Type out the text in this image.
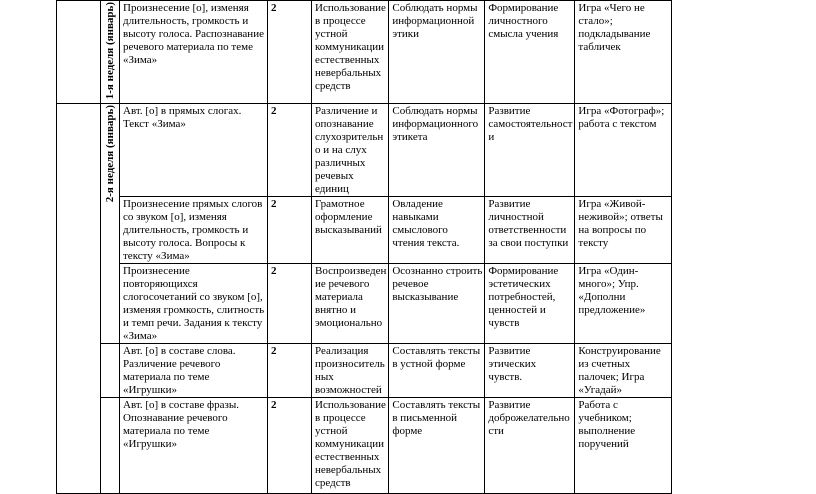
	1-я неделя (январь)	Произнесение [о], изменяя длительность, громкость и высоту голоса. Распознавание речевого материала по теме «Зима»	2	Использование в процессе устной коммуникации естественных невербальных средств	Соблюдать нормы информационной этики	Формирование личностного смысла учения	Игра «Чего не стало»; подкладывание табличек
	2-я неделя (январь)	Авт. [о] в прямых слогах. Текст «Зима»	2	Различение и опознавание слухозрительн о и на слух различных речевых единиц	Соблюдать нормы информационного этикета	Развитие самостоятельност и	Игра «Фотограф»; работа с текстом
		Произнесение прямых слогов со звуком [о], изменяя длительность, громкость и высоту голоса. Вопросы к тексту «Зима»	2	Грамотное оформление высказываний	Овладение навыками смыслового чтения текста.	Развитие личностной ответственности за свои поступки	Игра «Живой-неживой»; ответы на вопросы по тексту
		Произнесение повторяющихся слогосочетаний со звуком [о], изменяя громкость, слитность и темп речи. Задания к тексту «Зима»	2	Воспроизведен ие речевого материала внятно и эмоционально	Осознанно строить речевое высказывание	Формирование эстетических потребностей, ценностей и чувств	Игра «Один-много»; Упр. «Дополни предложение»
		Авт. [о] в составе слова. Различение речевого материала по теме «Игрушки»	2	Реализация произноситель ных возможностей	Составлять тексты в устной форме	Развитие этических чувств.	Конструирование из счетных палочек; Игра «Угадай»
		Авт. [о] в составе фразы. Опознавание речевого материала по теме «Игрушки»	2	Использование в процессе устной коммуникации естественных невербальных средств	Составлять тексты в письменной форме	Развитие доброжелательно сти	Работа с учебником; выполнение поручений
